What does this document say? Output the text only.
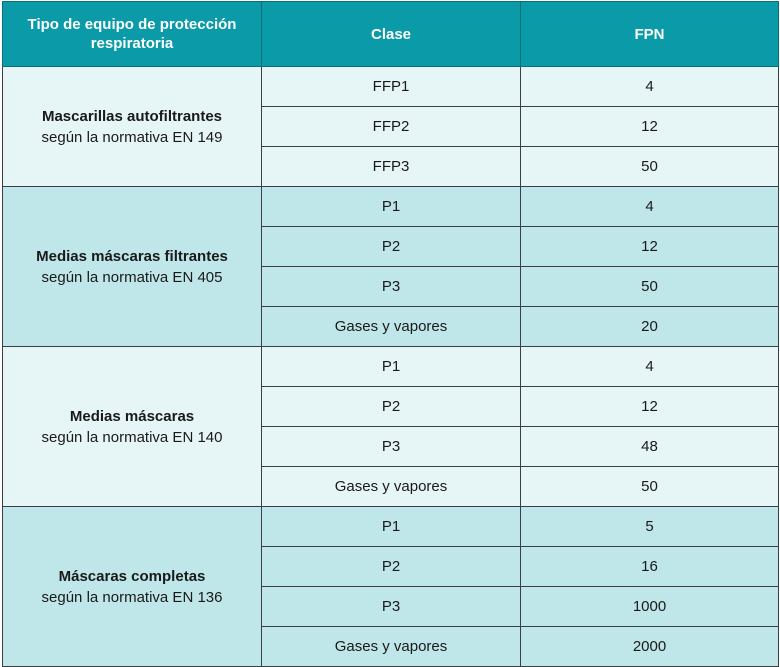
Tipo de equipo de protección respiratoria	Clase	FPN

Mascarillas autofiltrantes
según la normativa EN 149	FFP1	4
	FFP2	12
	FFP3	50

Medias máscaras filtrantes
según la normativa EN 405	P1	4
	P2	12
	P3	50
	Gases y vapores	20

Medias máscaras
según la normativa EN 140	P1	4
	P2	12
	P3	48
	Gases y vapores	50

Máscaras completas
según la normativa EN 136	P1	5
	P2	16
	P3	1000
	Gases y vapores	2000
